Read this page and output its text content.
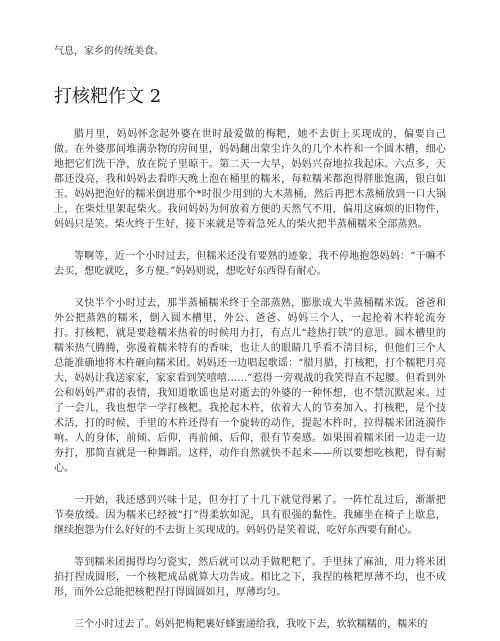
气息，家乡的传统美食。

打核粑作文 2

腊月里，妈妈怀念起外婆在世时最爱做的梅粑，她不去街上买现成的，偏要自己做。在外婆那间堆满杂物的房间里，妈妈翻出蒙尘许久的几个木杵和一个圆木槽，细心地把它们洗干净，放在院子里晾干。第二天一大早，妈妈兴奋地拉我起床。六点多，天都还没亮，我和妈妈去看昨天晚上泡在桶里的糯米，每粒糯米都泡得胖胀饱满，银白如玉。妈妈把泡好的糯米倒进那个*时很少用到的大木蒸桶，然后再把木蒸桶放到一口大锅上，在柴灶里架起柴火。我问妈妈为何放着方便的天然气不用，偏用这麻烦的旧物件，妈妈只是笑。柴火终于生好，接下来就是等着急死人的柴火把半蒸桶糯米全部蒸熟。

等啊等，近一个小时过去，但糯米还没有要熟的迹象，我不停地抱怨妈妈：“干嘛不去买，想吃就吃，多方便。”妈妈则说，想吃好东西得有耐心。

又快半个小时过去，那半蒸桶糯米终于全部蒸熟，膨胀成大半蒸桶糯米饭。爸爸和外公把蒸熟的糯米，倒入圆木槽里，外公、爸爸、妈妈三个人，一起抡着木杵轮流夯打。打核粑，就是要趁糯米热着的时候用力打，有点儿“趁热打铁”的意思。圆木槽里的糯米热气腾腾，弥漫着糯米特有的香味，也让人的眼睛几乎看不清目标，但他们三个人总能准确地将木杵砸向糯米团。妈妈还一边唱起歌谣：“腊月腊，打核粑，打个糯粑月亮大，妈妈让我送家家，家家看到笑嘻嘻……”惹得一旁观战的我笑得直不起腰。但看到外公和妈妈严肃的表情，我知道歌谣也是对逝去的外婆的一种怀想，也不禁沉默起来。过了一会儿，我也想学一学打核粑。我抡起木杵，依着大人的节奏加入。打核粑，是个技术活，打的时候，手里的木杵还得有一个旋转的动作，提起木杵时，拉得糯米团涟漪作响。人的身体，前倾、后仰，再前倾、后仰，很有节奏感。如果围着糯米团一边走一边夯打，那简直就是一种舞蹈。这样，动作自然就快不起来——所以要想吃核粑，得有耐心。

一开始，我还感到兴味十足，但夯打了十几下就觉得累了。一阵忙乱过后，渐渐把节奏放缓。因为糯米已经被“打”得柔软如泥，具有很强的黏性。我瘫坐在椅子上歇息，继续抱怨为什么好好的不去街上买现成的。妈妈仍是笑着说，吃好东西要有耐心。

等到糯米团揭得均匀瓷实，然后就可以动手做粑粑了。手里抹了麻油，用力将米团掐打捏成圆形，一个核粑成品就算大功告成。相比之下，我捏的核粑厚薄不均，也不成形，而外公总能把核粑捏打得圆圆如月，厚薄均匀。

三个小时过去了。妈妈把梅粑裹好蜂蜜递给我，我咬下去，软软糯糯的，糯米的
